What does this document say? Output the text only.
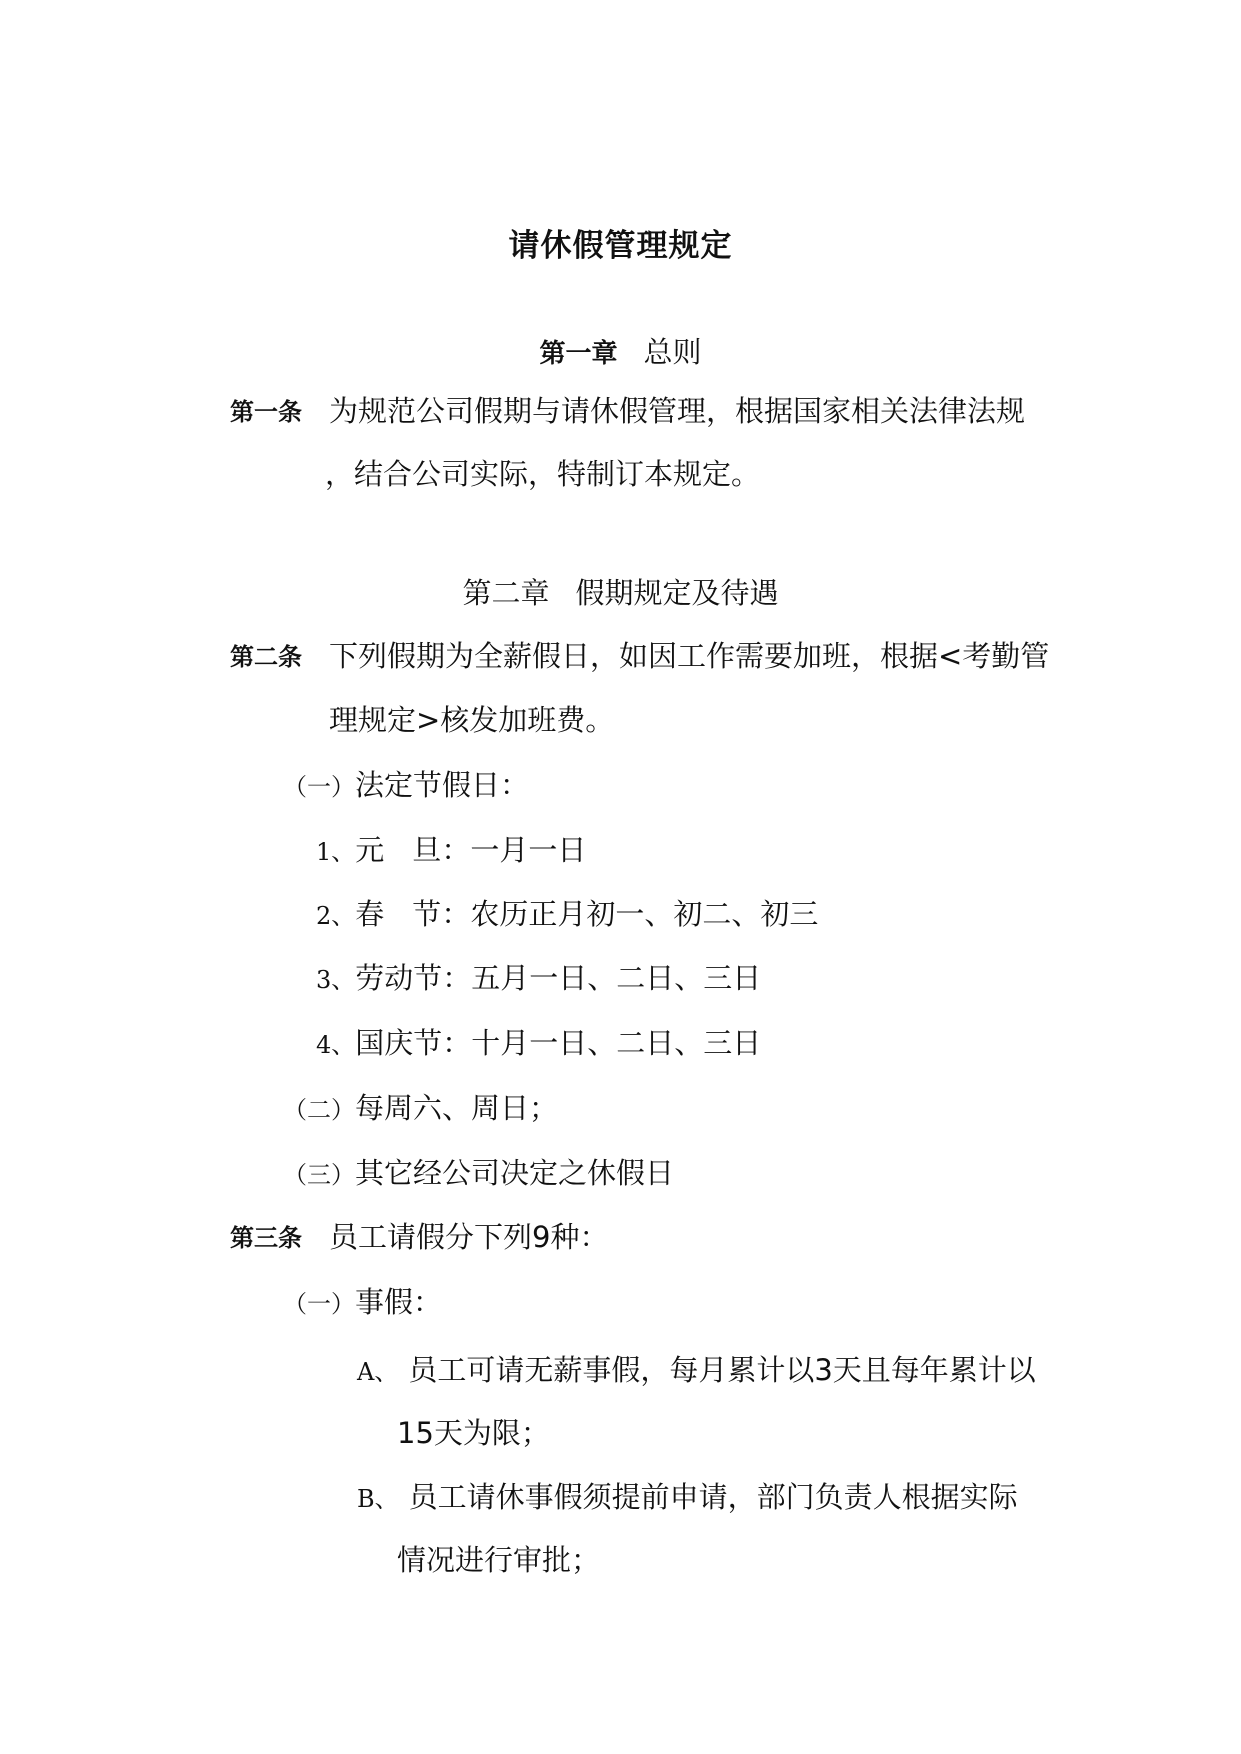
请休假管理规定
第一章 总则
第一条 为规范公司假期与请休假管理，根据国家相关法律法规
，结合公司实际，特制订本规定。
第二章 假期规定及待遇
第二条 下列假期为全薪假日，如因工作需要加班，根据<考勤管
理规定>核发加班费。
（一）法定节假日：
1、元 旦：一月一日
2、春 节：农历正月初一、初二、初三
3、劳动节：五月一日、二日、三日
4、国庆节：十月一日、二日、三日
（二）每周六、周日；
（三）其它经公司决定之休假日
第三条 员工请假分下列9种：
（一）事假：
A、 员工可请无薪事假，每月累计以3天且每年累计以
15天为限；
B、 员工请休事假须提前申请，部门负责人根据实际
情况进行审批；
